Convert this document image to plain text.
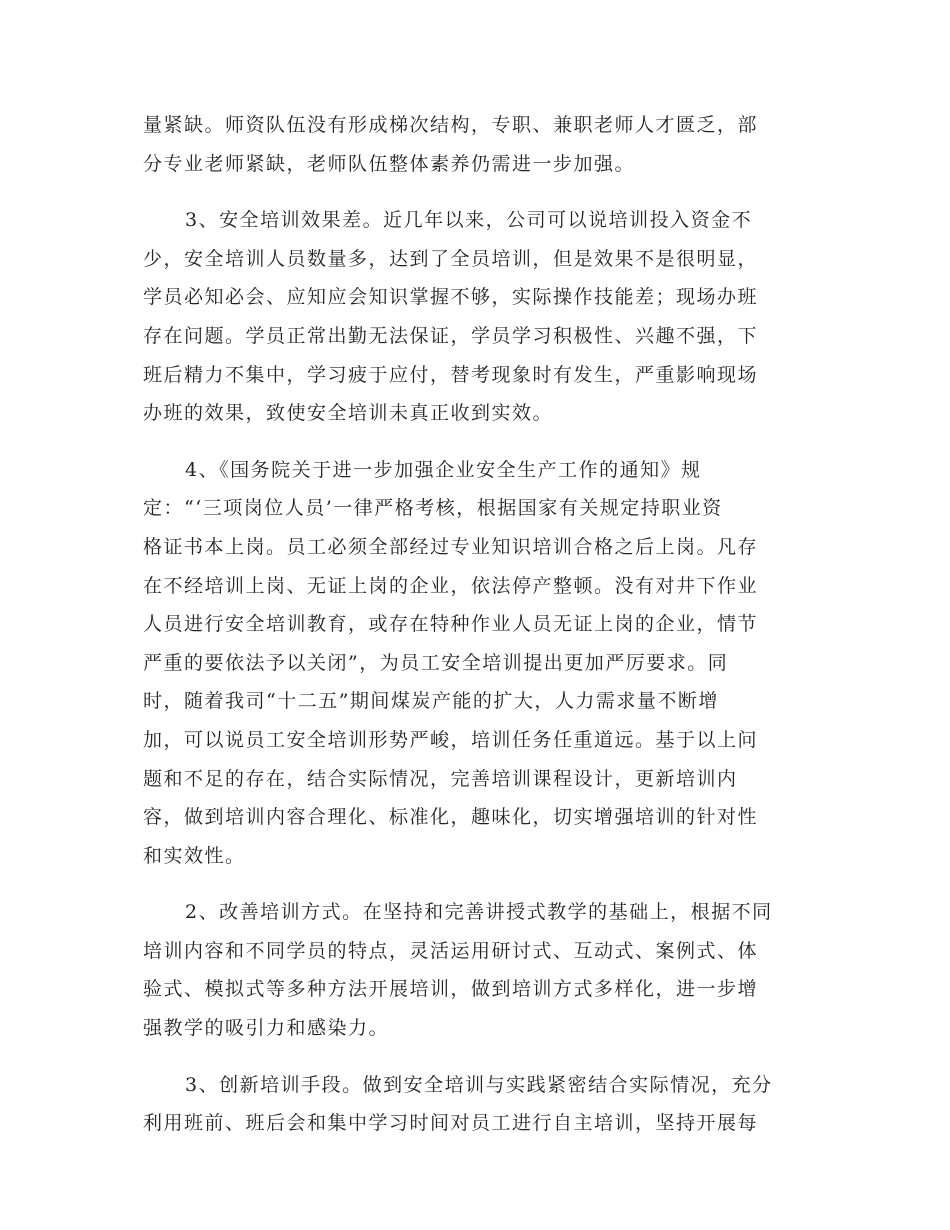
量紧缺。师资队伍没有形成梯次结构，专职、兼职老师人才匮乏，部
分专业老师紧缺，老师队伍整体素养仍需进一步加强。
3、安全培训效果差。近几年以来，公司可以说培训投入资金不
少，安全培训人员数量多，达到了全员培训，但是效果不是很明显，
学员必知必会、应知应会知识掌握不够，实际操作技能差；现场办班
存在问题。学员正常出勤无法保证，学员学习积极性、兴趣不强，下
班后精力不集中，学习疲于应付，替考现象时有发生，严重影响现场
办班的效果，致使安全培训未真正收到实效。
4、《国务院关于进一步加强企业安全生产工作的通知》规
定：“‘三项岗位人员’一律严格考核，根据国家有关规定持职业资
格证书本上岗。员工必须全部经过专业知识培训合格之后上岗。凡存
在不经培训上岗、无证上岗的企业，依法停产整顿。没有对井下作业
人员进行安全培训教育，或存在特种作业人员无证上岗的企业，情节
严重的要依法予以关闭”，为员工安全培训提出更加严厉要求。同
时，随着我司“十二五”期间煤炭产能的扩大，人力需求量不断增
加，可以说员工安全培训形势严峻，培训任务任重道远。基于以上问
题和不足的存在，结合实际情况，完善培训课程设计，更新培训内
容，做到培训内容合理化、标准化，趣味化，切实增强培训的针对性
和实效性。
2、改善培训方式。在坚持和完善讲授式教学的基础上，根据不同
培训内容和不同学员的特点，灵活运用研讨式、互动式、案例式、体
验式、模拟式等多种方法开展培训，做到培训方式多样化，进一步增
强教学的吸引力和感染力。
3、创新培训手段。做到安全培训与实践紧密结合实际情况，充分
利用班前、班后会和集中学习时间对员工进行自主培训，坚持开展每
